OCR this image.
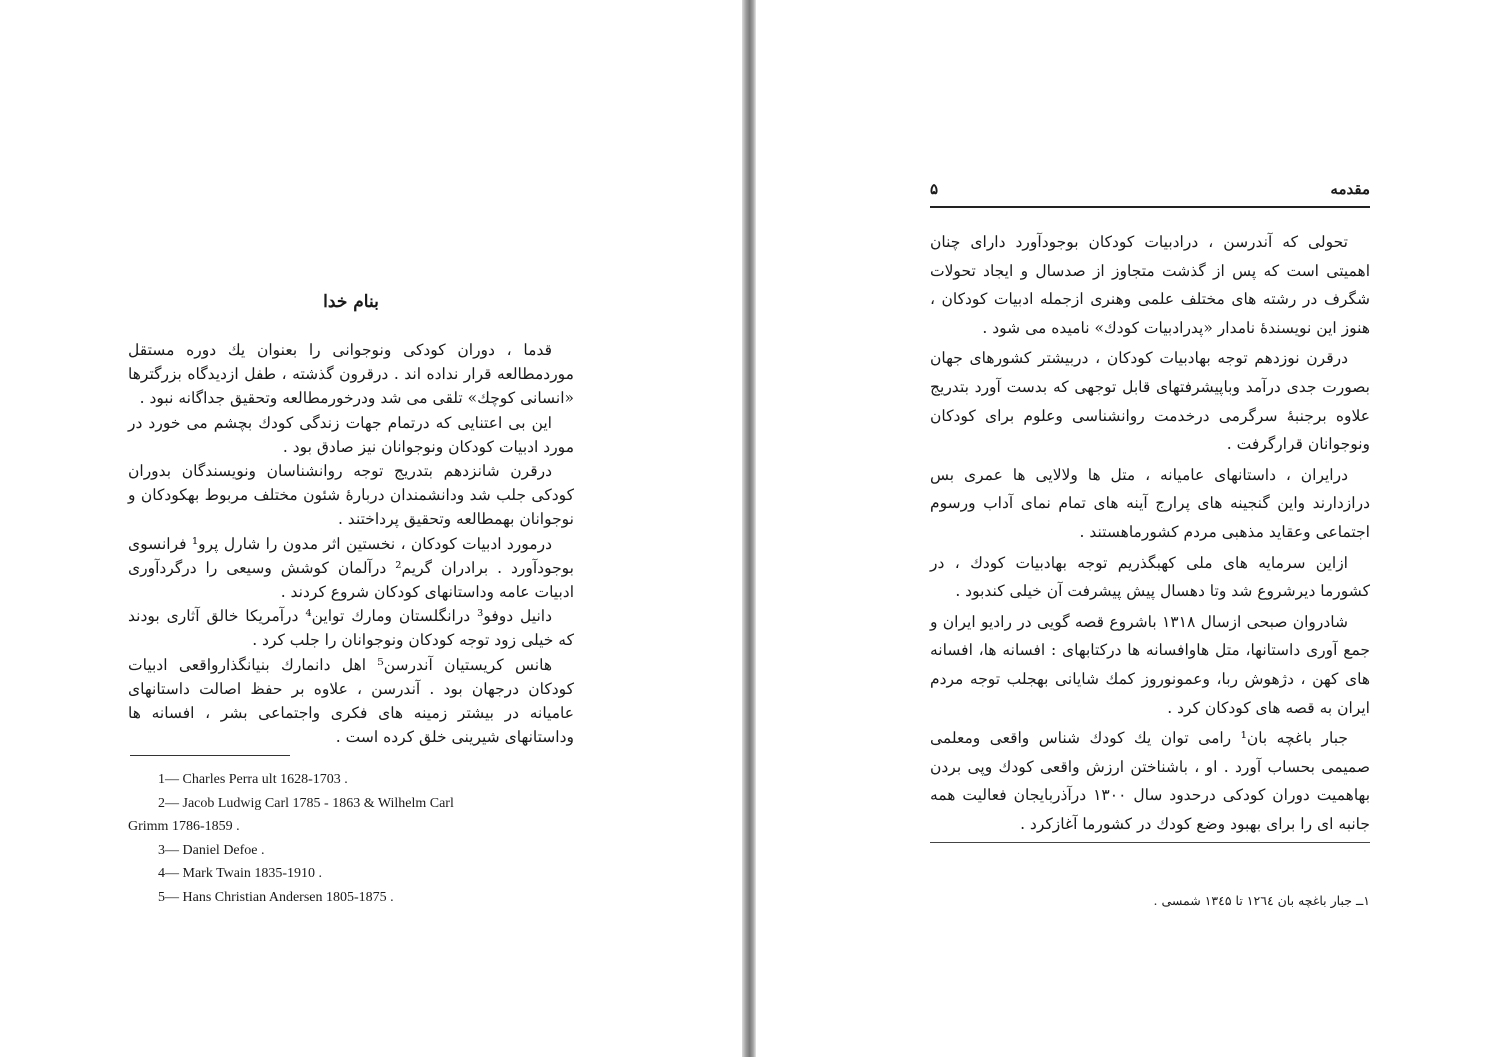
بنام خدا

قدما ، دوران کودکی ونوجوانی را بعنوان یك دوره مستقل موردمطالعه قرار نداده اند . درقرون گذشته ، طفل ازدیدگاه بزرگترها «انسانی کوچك» تلقی می شد ودرخورمطالعه وتحقیق جداگانه نبود .

این بی اعتنایی که درتمام جهات زندگی کودك بچشم می خورد در مورد ادبیات کودکان ونوجوانان نیز صادق بود .

درقرن شانزدهم بتدریج توجه روانشناسان ونویسندگان بدوران کودکی جلب شد ودانشمندان دربارهٔ شئون مختلف مربوط بهکودکان و نوجوانان بهمطالعه وتحقیق پرداختند .

درمورد ادبیات کودکان ، نخستین اثر مدون را شارل پرو¹ فرانسوی بوجودآورد . برادران گریم² درآلمان کوشش وسیعی را درگردآوری ادبیات عامه وداستانهای کودکان شروع کردند .

دانیل دوفو³ درانگلستان ومارك تواین⁴ درآمریکا خالق آثاری بودند که خیلی زود توجه کودکان ونوجوانان را جلب کرد .

هانس کریستیان آندرسن⁵ اهل دانمارك بنیانگذارواقعی ادبیات کودکان درجهان بود . آندرسن ، علاوه بر حفظ اصالت داستانهای عامیانه در بیشتر زمینه های فکری واجتماعی بشر ، افسانه ها وداستانهای شیرینی خلق کرده است .

1— Charles Perra ult 1628-1703 .
2— Jacob Ludwig Carl 1785 - 1863 & Wilhelm Carl
Grimm 1786-1859 .
3— Daniel Defoe .
4— Mark Twain 1835-1910 .
5— Hans Christian Andersen 1805-1875 .
مقدمه
۵

تحولی که آندرسن ، درادبیات کودکان بوجودآورد دارای چنان اهمیتی است که پس از گذشت متجاوز از صدسال و ایجاد تحولات شگرف در رشته های مختلف علمی وهنری ازجمله ادبیات کودکان ، هنوز این نویسندهٔ نامدار «پدرادبیات کودك» نامیده می شود .

درقرن نوزدهم توجه بهادبیات کودکان ، دربیشتر کشورهای جهان بصورت جدی درآمد وباپیشرفتهای قابل توجهی که بدست آورد بتدریج علاوه برجنبهٔ سرگرمی درخدمت روانشناسی وعلوم برای کودکان ونوجوانان قرارگرفت .

درایران ، داستانهای عامیانه ، متل ها ولالایی ها عمری بس درازدارند واین گنجینه های پرارج آینه های تمام نمای آداب ورسوم اجتماعی وعقاید مذهبی مردم کشورماهستند .

ازاین سرمایه های ملی کهبگذریم توجه بهادبیات کودك ، در کشورما دیرشروع شد وتا دهسال پیش پیشرفت آن خیلی کندبود .

شادروان صبحی ازسال ۱۳۱۸ باشروع قصه گویی در رادیو ایران و جمع آوری داستانها، متل هاوافسانه ها درکتابهای : افسانه ها، افسانه های کهن ، دژهوش ربا، وعمونوروز کمك شایانی بهجلب توجه مردم ایران به قصه های کودکان کرد .

جبار باغچه بان¹ رامی توان یك کودك شناس واقعی ومعلمی صمیمی بحساب آورد . او ، باشناختن ارزش واقعی کودك وپی بردن بهاهمیت دوران کودکی درحدود سال ۱۳۰۰ درآذربایجان فعالیت همه جانبه ای را برای بهبود وضع کودك در کشورما آغازکرد .

۱ــ جبار باغچه بان ۱۲٦٤ تا ۱۳٤۵ شمسی .
